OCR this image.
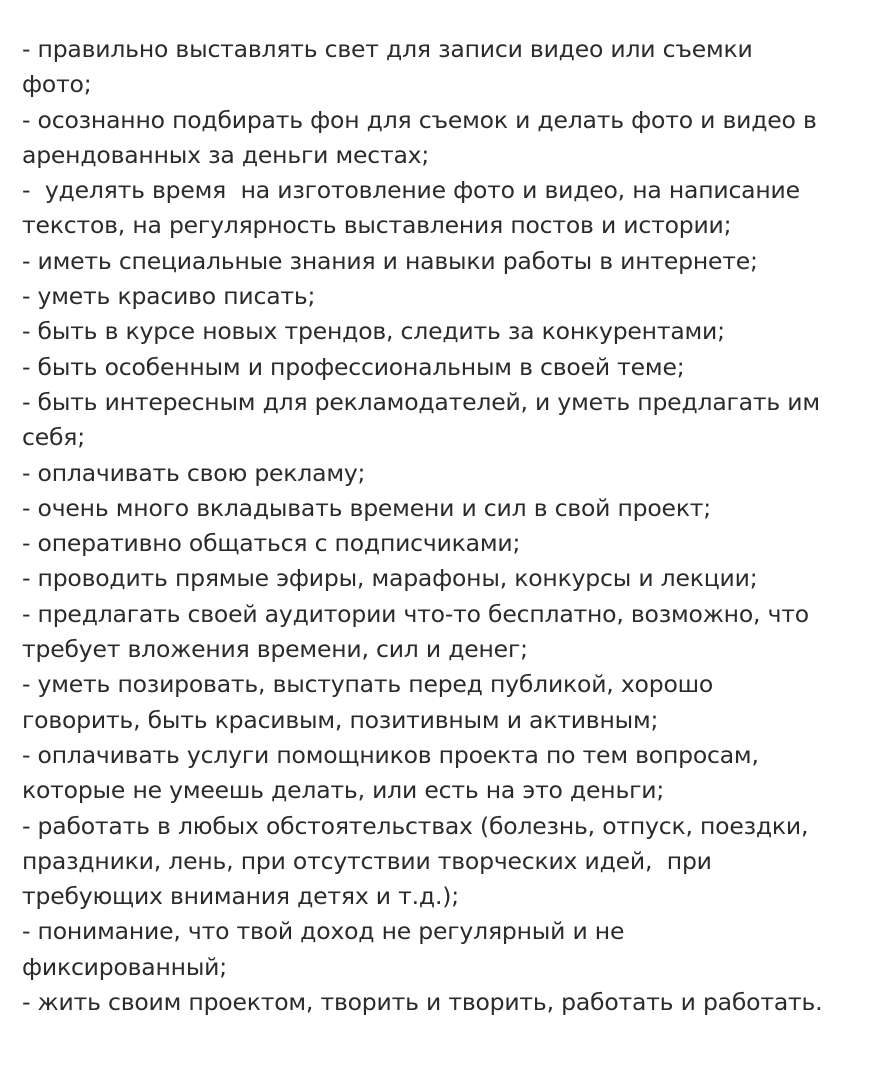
- правильно выставлять свет для записи видео или съемки
фото;
- осознанно подбирать фон для съемок и делать фото и видео в
арендованных за деньги местах;
-  уделять время  на изготовление фото и видео, на написание
текстов, на регулярность выставления постов и истории;
- иметь специальные знания и навыки работы в интернете;
- уметь красиво писать;
- быть в курсе новых трендов, следить за конкурентами;
- быть особенным и профессиональным в своей теме;
- быть интересным для рекламодателей, и уметь предлагать им
себя;
- оплачивать свою рекламу;
- очень много вкладывать времени и сил в свой проект;
- оперативно общаться с подписчиками;
- проводить прямые эфиры, марафоны, конкурсы и лекции;
- предлагать своей аудитории что-то бесплатно, возможно, что
требует вложения времени, сил и денег;
- уметь позировать, выступать перед публикой, хорошо
говорить, быть красивым, позитивным и активным;
- оплачивать услуги помощников проекта по тем вопросам,
которые не умеешь делать, или есть на это деньги;
- работать в любых обстоятельствах (болезнь, отпуск, поездки,
праздники, лень, при отсутствии творческих идей,  при
требующих внимания детях и т.д.);
- понимание, что твой доход не регулярный и не
фиксированный;
- жить своим проектом, творить и творить, работать и работать.
